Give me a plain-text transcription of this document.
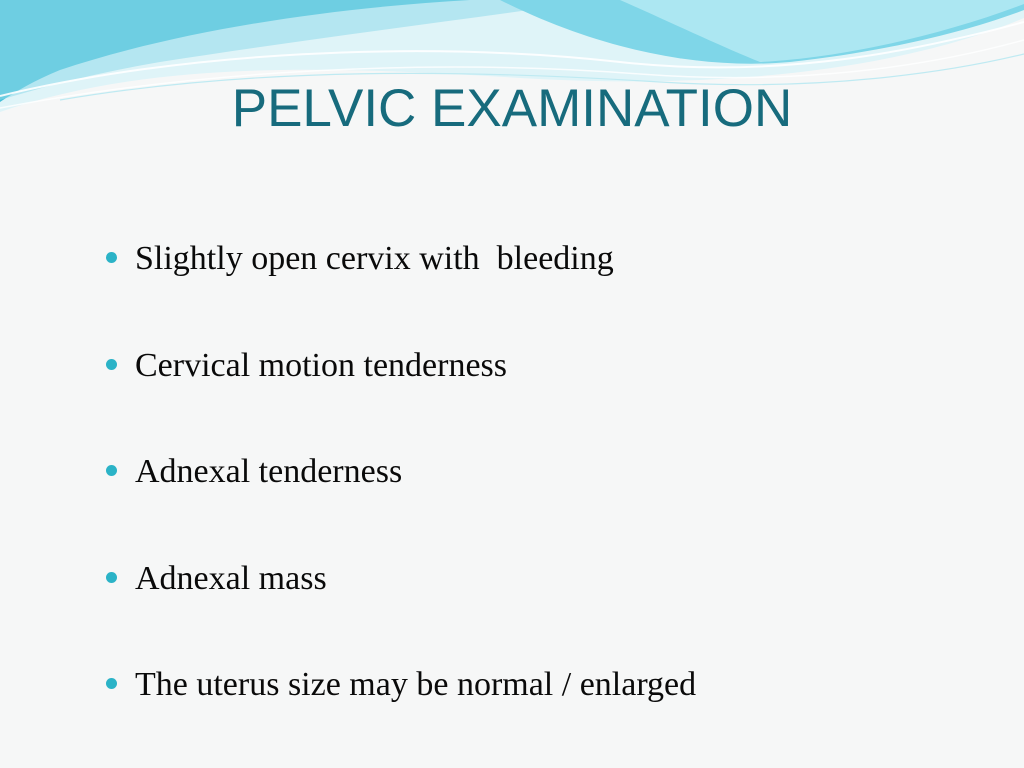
PELVIC EXAMINATION
Slightly open cervix with  bleeding
Cervical motion tenderness
Adnexal tenderness
Adnexal mass
The uterus size may be normal / enlarged
